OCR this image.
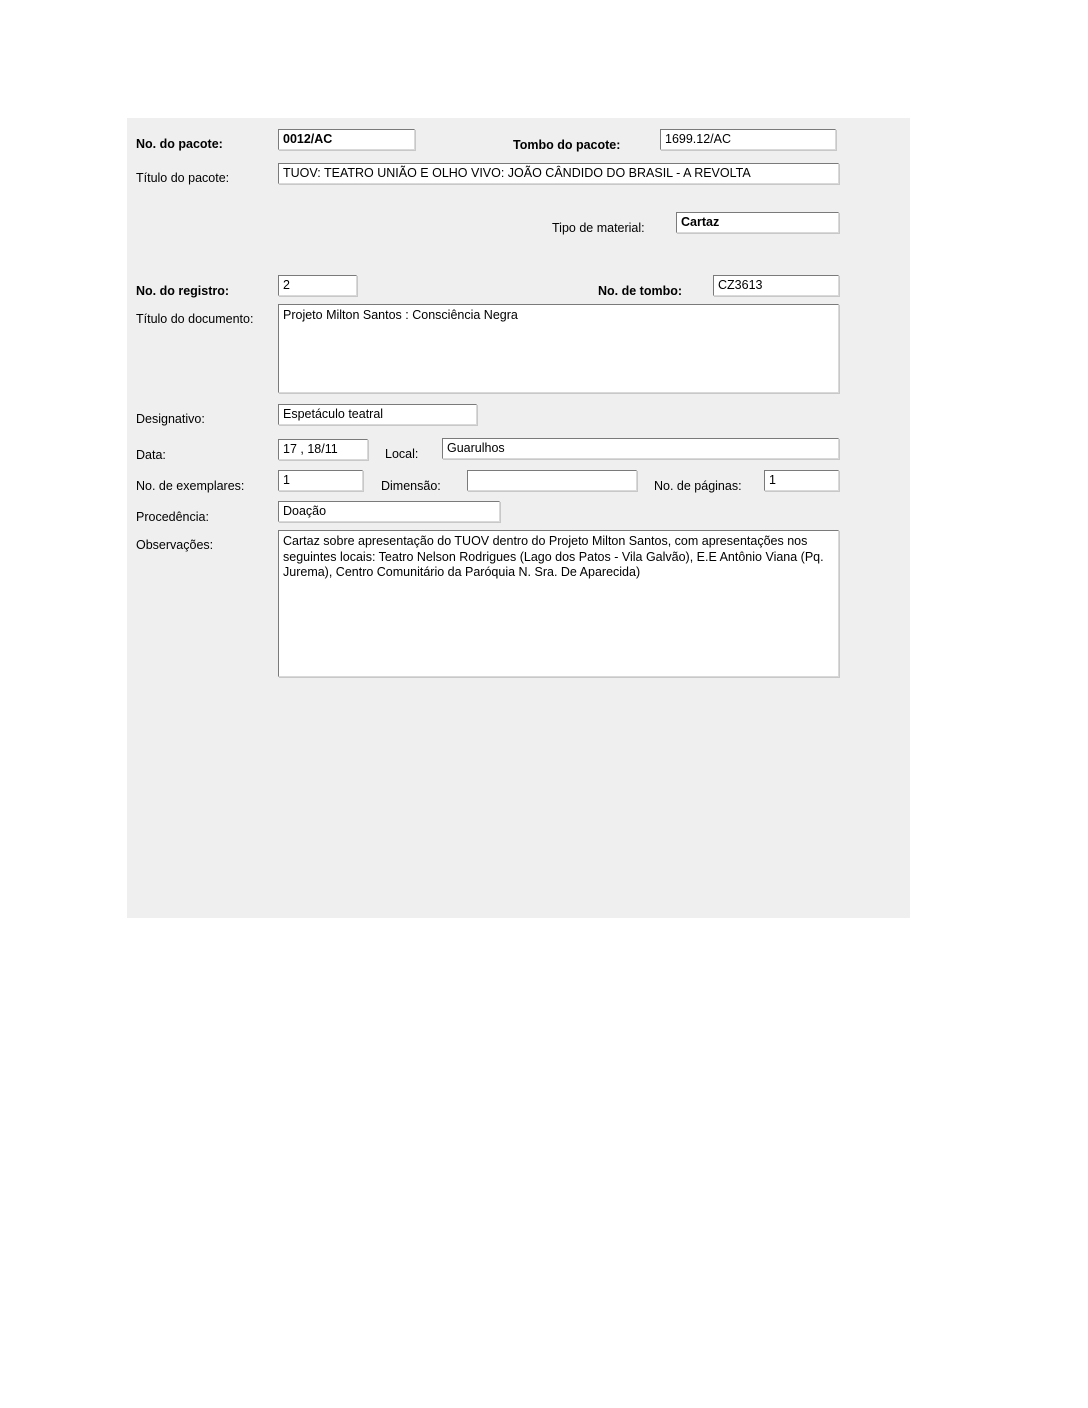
No. do pacote:	0012/AC	Tombo do pacote:	1699.12/AC
Título do pacote:	TUOV: TEATRO UNIÃO E OLHO VIVO: JOÃO CÂNDIDO DO BRASIL - A REVOLTA
Tipo de material:	Cartaz
No. do registro:	2	No. de tombo:	CZ3613
Título do documento:	Projeto Milton Santos : Consciência Negra
Designativo:	Espetáculo teatral
Data:	17 , 18/11	Local:	Guarulhos
No. de exemplares:	1	Dimensão:	No. de páginas:	1
Procedência:	Doação
Observações:	Cartaz sobre apresentação do TUOV dentro do Projeto Milton Santos, com apresentações nos seguintes locais: Teatro Nelson Rodrigues (Lago dos Patos - Vila Galvão), E.E Antônio Viana (Pq. Jurema), Centro Comunitário da Paróquia N. Sra. De Aparecida)
